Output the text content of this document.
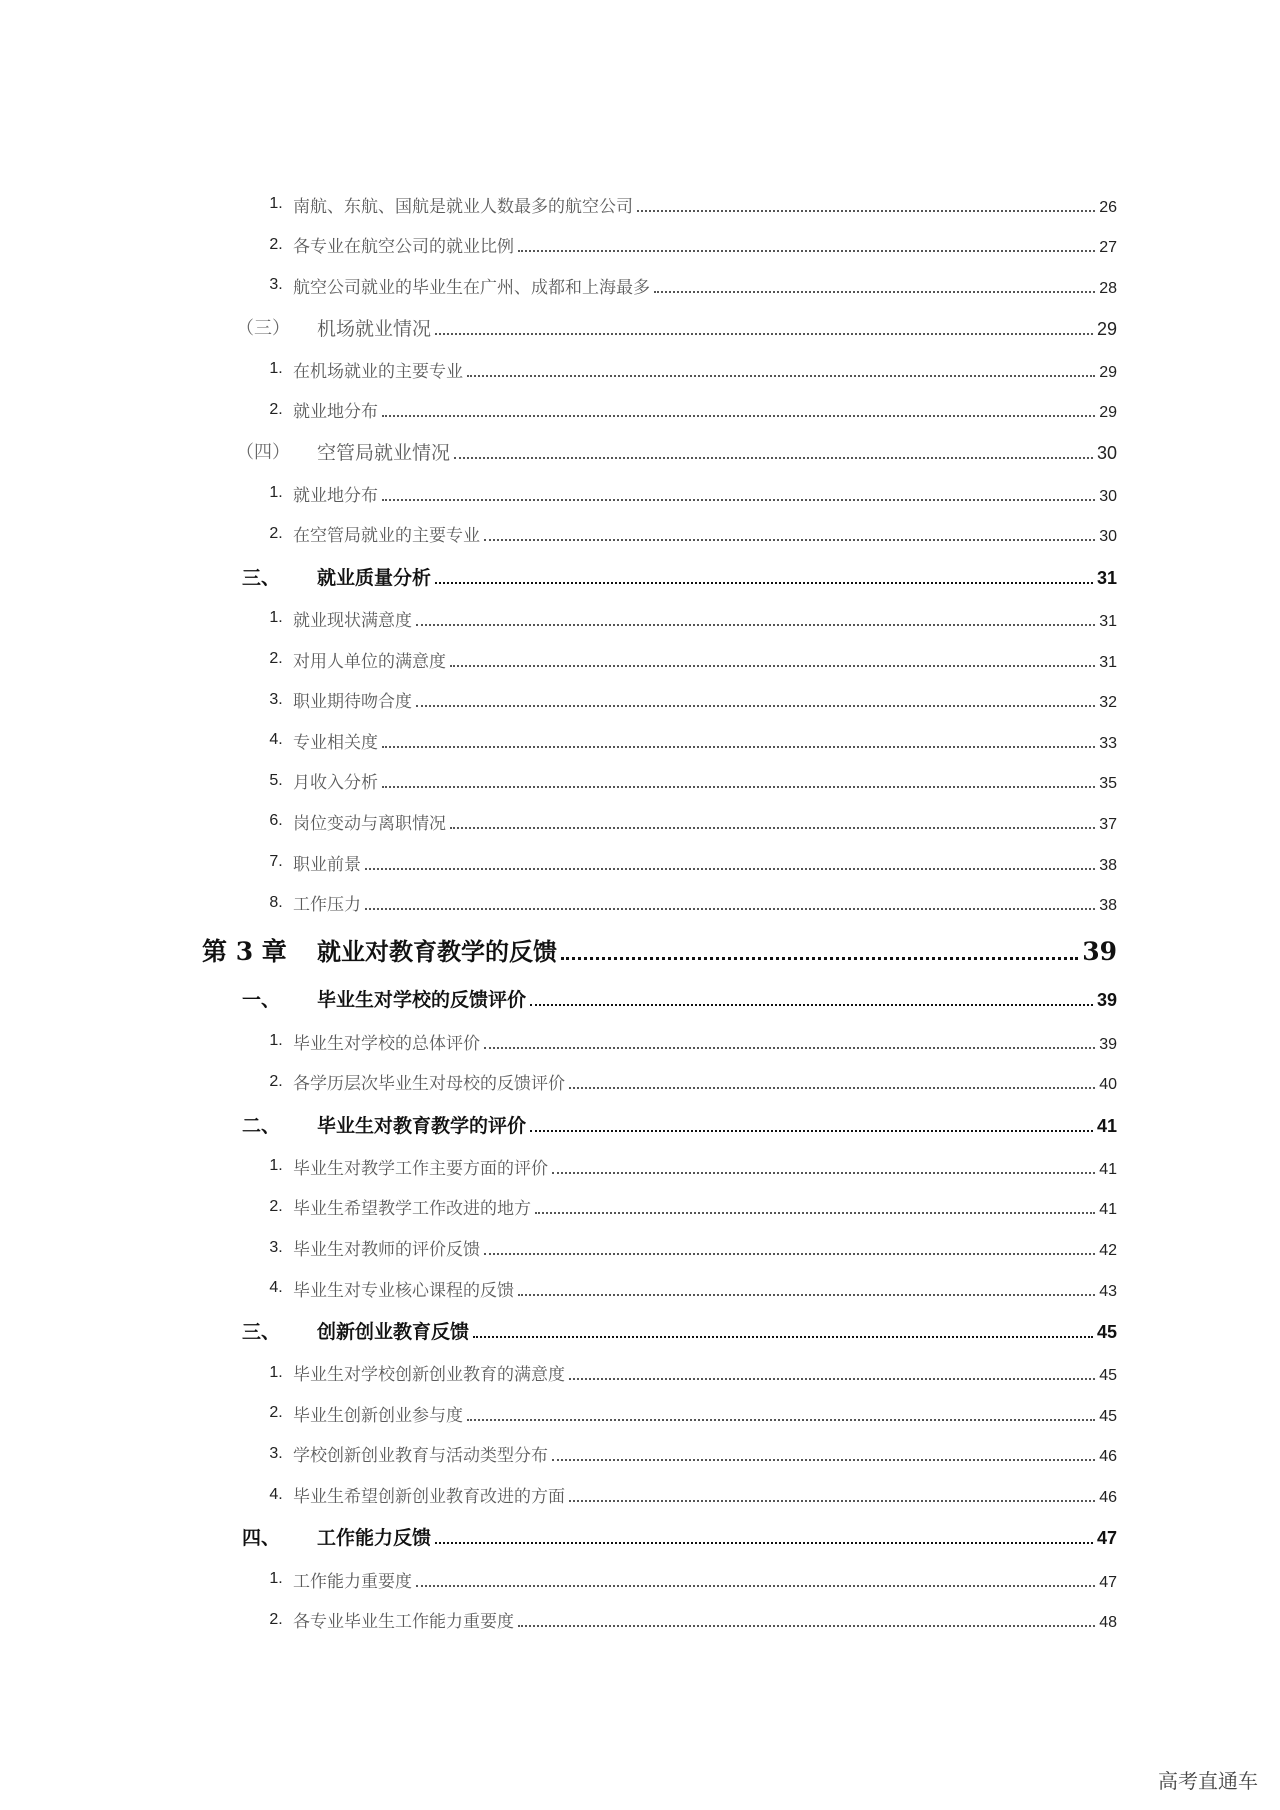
1. 南航、东航、国航是就业人数最多的航空公司	26
2. 各专业在航空公司的就业比例	27
3. 航空公司就业的毕业生在广州、成都和上海最多	28
（三） 机场就业情况	29
1. 在机场就业的主要专业	29
2. 就业地分布	29
（四） 空管局就业情况	30
1. 就业地分布	30
2. 在空管局就业的主要专业	30
三、	就业质量分析	31
1. 就业现状满意度	31
2. 对用人单位的满意度	31
3. 职业期待吻合度	32
4. 专业相关度	33
5. 月收入分析	35
6. 岗位变动与离职情况	37
7. 职业前景	38
8. 工作压力	38
第 3 章	就业对教育教学的反馈	39
一、	毕业生对学校的反馈评价	39
1. 毕业生对学校的总体评价	39
2. 各学历层次毕业生对母校的反馈评价	40
二、	毕业生对教育教学的评价	41
1. 毕业生对教学工作主要方面的评价	41
2. 毕业生希望教学工作改进的地方	41
3. 毕业生对教师的评价反馈	42
4. 毕业生对专业核心课程的反馈	43
三、	创新创业教育反馈	45
1. 毕业生对学校创新创业教育的满意度	45
2. 毕业生创新创业参与度	45
3. 学校创新创业教育与活动类型分布	46
4. 毕业生希望创新创业教育改进的方面	46
四、	工作能力反馈	47
1. 工作能力重要度	47
2. 各专业毕业生工作能力重要度	48
高考直通车
